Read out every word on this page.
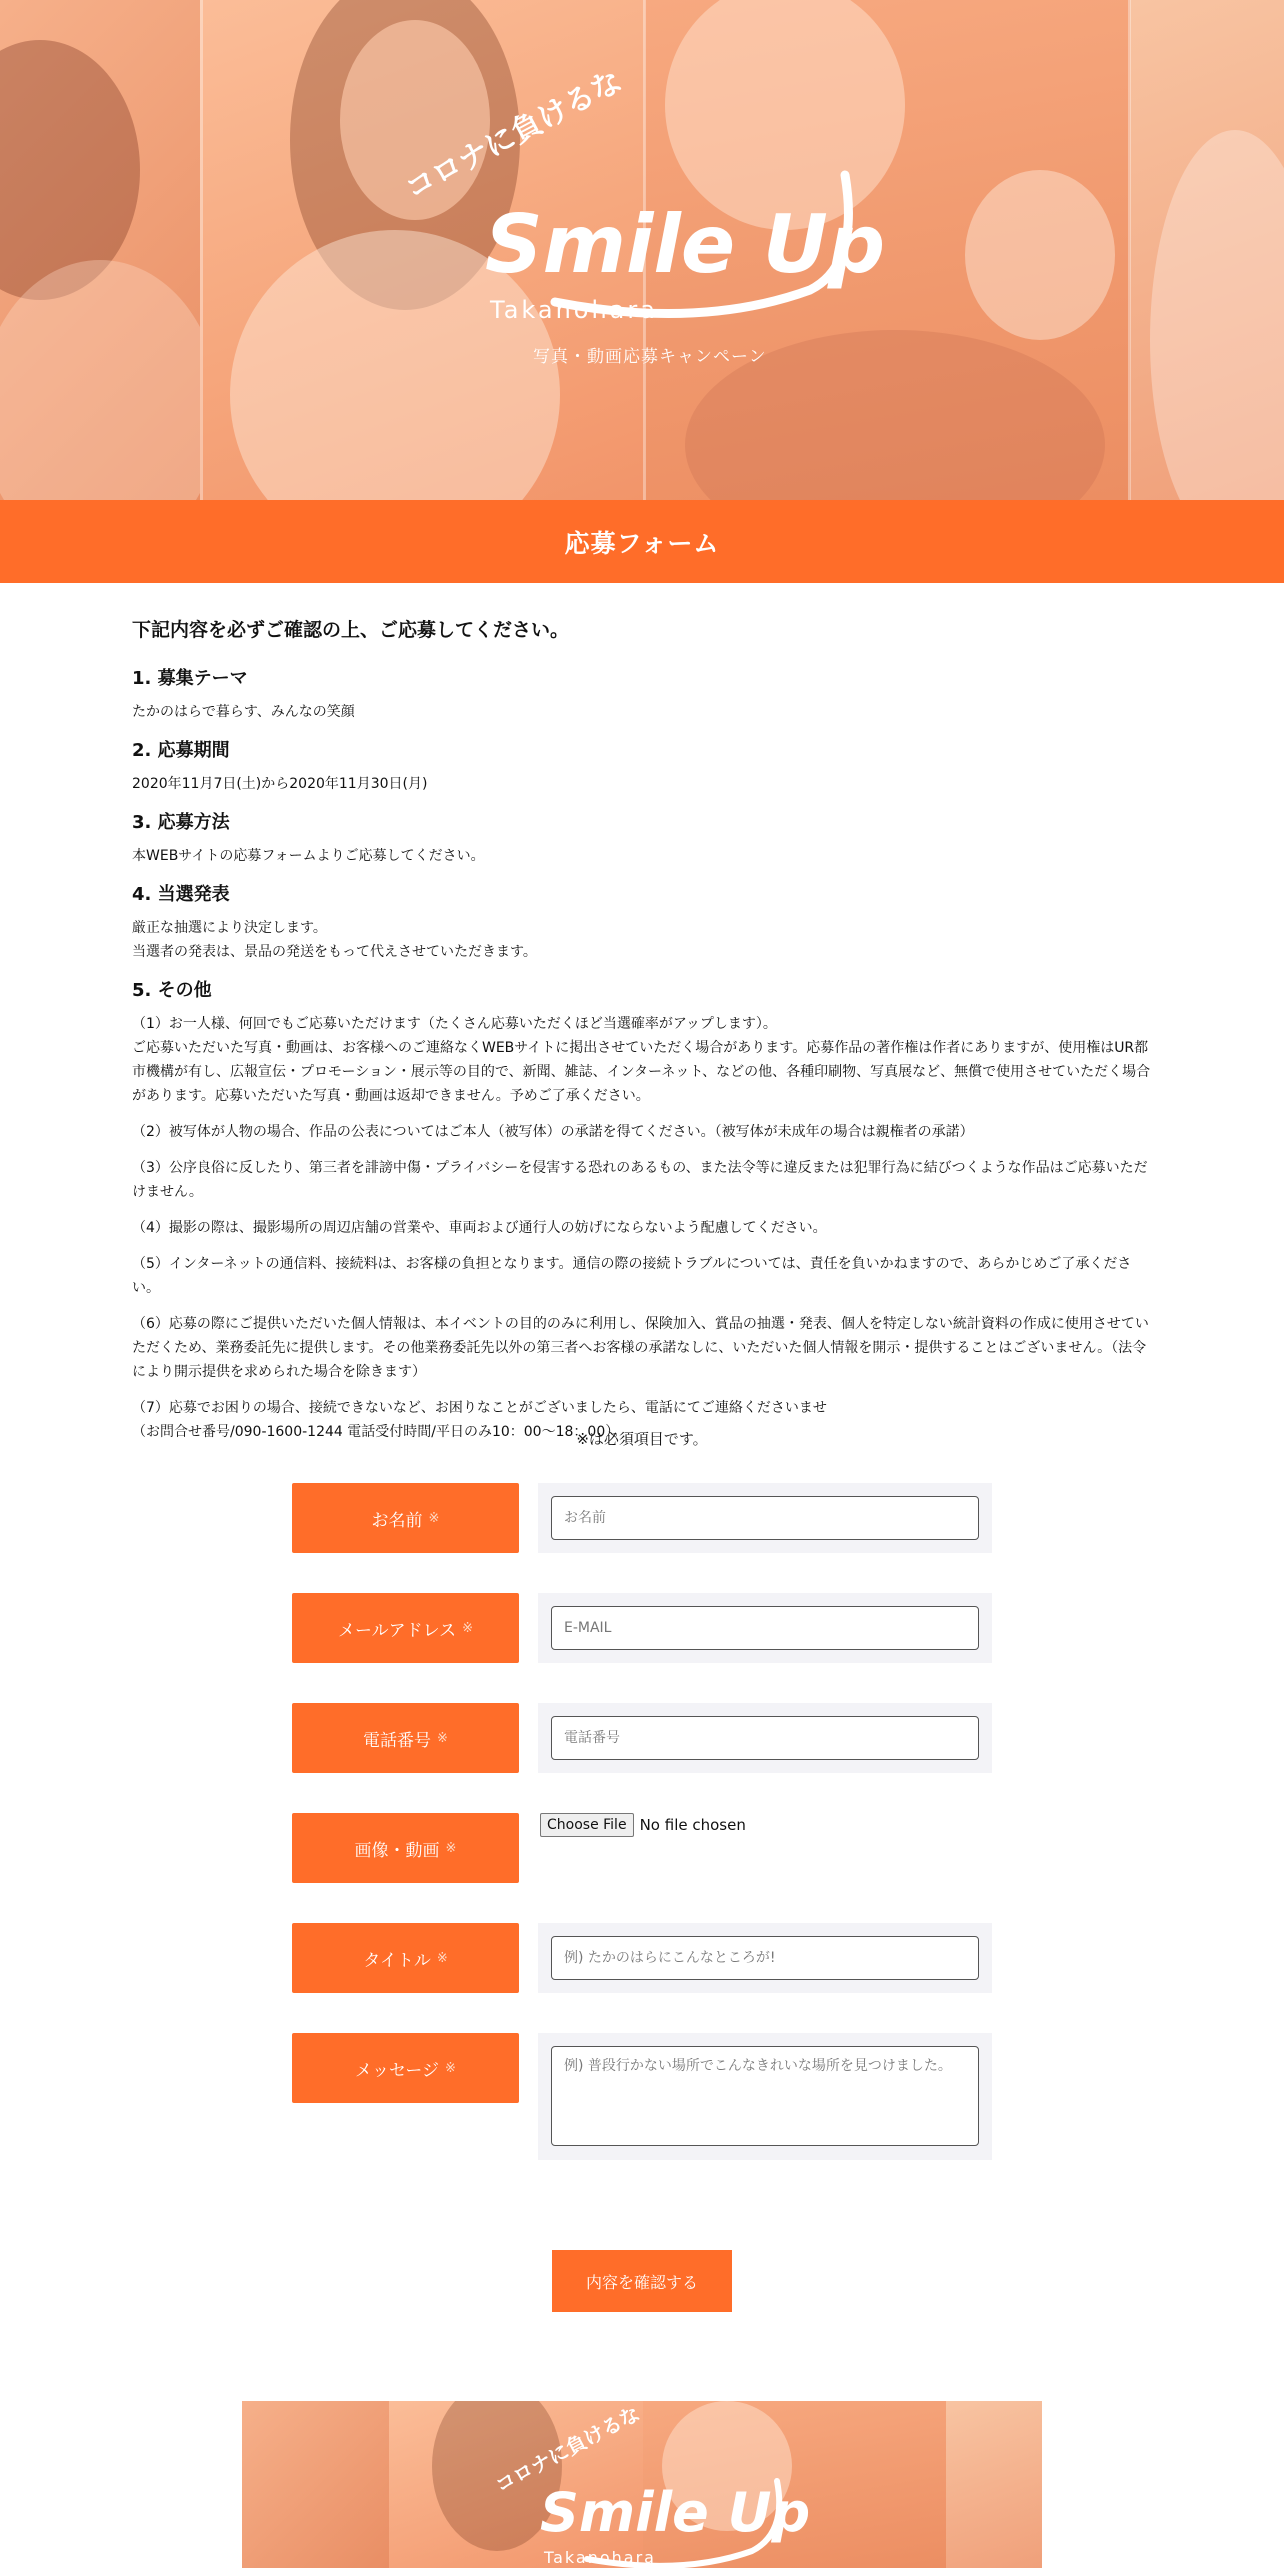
コロナに負けるな
Smile Up
Takanohara
写真・動画応募キャンペーン
応募フォーム
下記内容を必ずご確認の上、ご応募してください。
1. 募集テーマ

たかのはらで暮らす、みんなの笑顔

2. 応募期間

2020年11月7日(土)から2020年11月30日(月)

3. 応募方法

本WEBサイトの応募フォームよりご応募してください。

4. 当選発表

厳正な抽選により決定します。

当選者の発表は、景品の発送をもって代えさせていただきます。

5. その他

（1）お一人様、何回でもご応募いただけます（たくさん応募いただくほど当選確率がアップします）。

ご応募いただいた写真・動画は、お客様へのご連絡なくWEBサイトに掲出させていただく場合があります。応募作品の著作権は作者にありますが、使用権はUR都市機構が有し、広報宣伝・プロモーション・展示等の目的で、新聞、雑誌、インターネット、などの他、各種印刷物、写真展など、無償で使用させていただく場合があります。応募いただいた写真・動画は返却できません。予めご了承ください。

（2）被写体が人物の場合、作品の公表についてはご本人（被写体）の承諾を得てください。（被写体が未成年の場合は親権者の承諾）

（3）公序良俗に反したり、第三者を誹謗中傷・プライバシーを侵害する恐れのあるもの、また法令等に違反または犯罪行為に結びつくような作品はご応募いただけません。

（4）撮影の際は、撮影場所の周辺店舗の営業や、車両および通行人の妨げにならないよう配慮してください。

（5）インターネットの通信料、接続料は、お客様の負担となります。通信の際の接続トラブルについては、責任を負いかねますので、あらかじめご了承ください。

（6）応募の際にご提供いただいた個人情報は、本イベントの目的のみに利用し、保険加入、賞品の抽選・発表、個人を特定しない統計資料の作成に使用させていただくため、業務委託先に提供します。その他業務委託先以外の第三者へお客様の承諾なしに、いただいた個人情報を開示・提供することはございません。（法令により開示提供を求められた場合を除きます）

（7）応募でお困りの場合、接続できないなど、お困りなことがございましたら、電話にてご連絡くださいませ

（お問合せ番号/090-1600-1244 電話受付時間/平日のみ10：00〜18：00）。

※は必須項目です。
お名前 ※
お名前
メールアドレス ※
E-MAIL
電話番号 ※
電話番号
画像・動画 ※
Choose File No file chosen
タイトル ※
例) たかのはらにこんなところが!
メッセージ ※
例) 普段行かない場所でこんなきれいな場所を見つけました。
内容を確認する
コロナに負けるな
Smile Up
Takanohara
